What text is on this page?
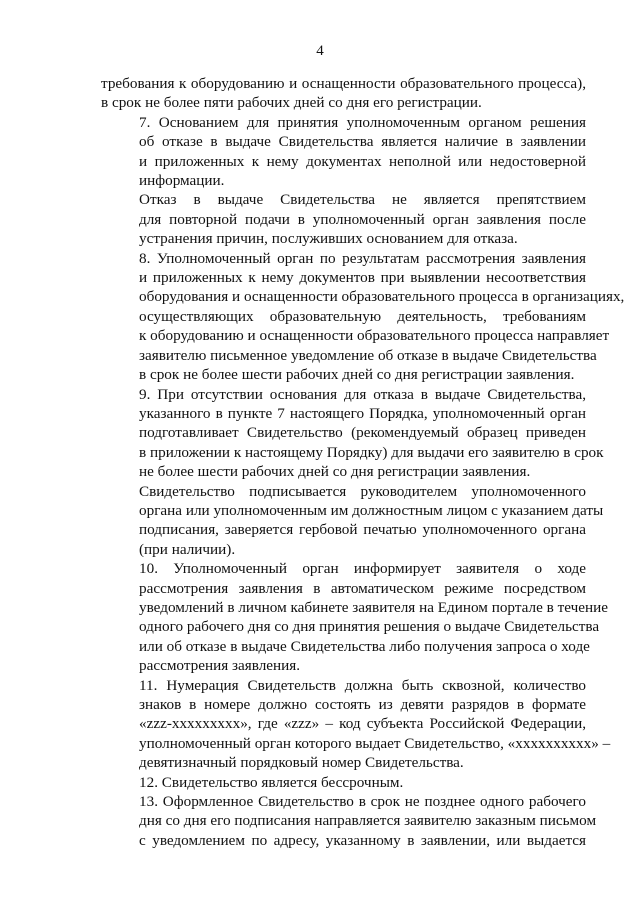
4
требования к оборудованию и оснащенности образовательного процесса),
в срок не более пяти рабочих дней со дня его регистрации.
7. Основанием для принятия уполномоченным органом решения
об отказе в выдаче Свидетельства является наличие в заявлении
и приложенных к нему документах неполной или недостоверной
информации.
Отказ в выдаче Свидетельства не является препятствием
для повторной подачи в уполномоченный орган заявления после
устранения причин, послуживших основанием для отказа.
8. Уполномоченный орган по результатам рассмотрения заявления
и приложенных к нему документов при выявлении несоответствия
оборудования и оснащенности образовательного процесса в организациях,
осуществляющих образовательную деятельность, требованиям
к оборудованию и оснащенности образовательного процесса направляет
заявителю письменное уведомление об отказе в выдаче Свидетельства
в срок не более шести рабочих дней со дня регистрации заявления.
9. При отсутствии основания для отказа в выдаче Свидетельства,
указанного в пункте 7 настоящего Порядка, уполномоченный орган
подготавливает Свидетельство (рекомендуемый образец приведен
в приложении к настоящему Порядку) для выдачи его заявителю в срок
не более шести рабочих дней со дня регистрации заявления.
Свидетельство подписывается руководителем уполномоченного
органа или уполномоченным им должностным лицом с указанием даты
подписания, заверяется гербовой печатью уполномоченного органа
(при наличии).
10. Уполномоченный орган информирует заявителя о ходе
рассмотрения заявления в автоматическом режиме посредством
уведомлений в личном кабинете заявителя на Едином портале в течение
одного рабочего дня со дня принятия решения о выдаче Свидетельства
или об отказе в выдаче Свидетельства либо получения запроса о ходе
рассмотрения заявления.
11. Нумерация Свидетельств должна быть сквозной, количество
знаков в номере должно состоять из девяти разрядов в формате
«zzz-xxxxxxxxx», где «zzz» – код субъекта Российской Федерации,
уполномоченный орган которого выдает Свидетельство, «xxxxxxxxxx» –
девятизначный порядковый номер Свидетельства.
12. Свидетельство является бессрочным.
13. Оформленное Свидетельство в срок не позднее одного рабочего
дня со дня его подписания направляется заявителю заказным письмом
с уведомлением по адресу, указанному в заявлении, или выдается
